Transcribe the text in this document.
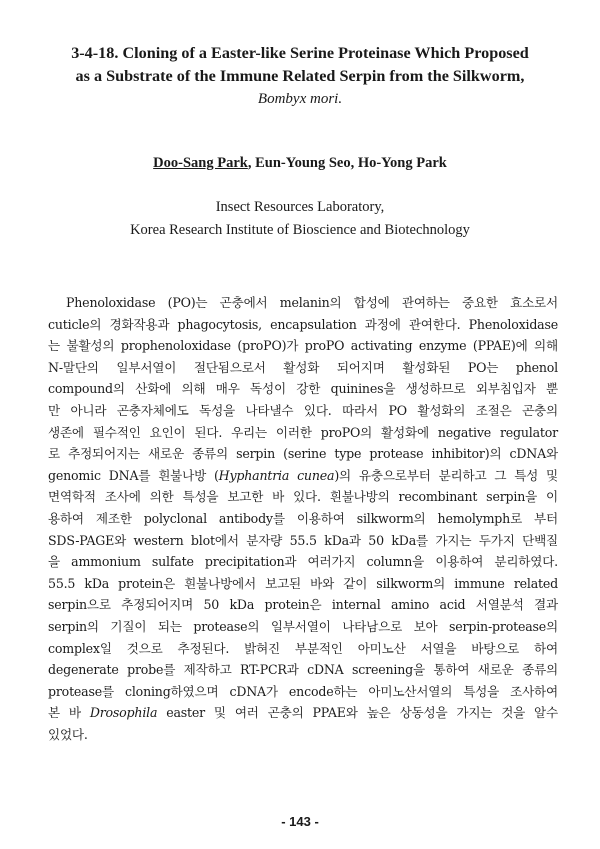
3-4-18. Cloning of a Easter-like Serine Proteinase Which Proposed
as a Substrate of the Immune Related Serpin from the Silkworm,
Bombyx mori.
Doo-Sang Park, Eun-Young Seo, Ho-Yong Park
Insect Resources Laboratory,
Korea Research Institute of Bioscience and Biotechnology
Phenoloxidase (PO)는 곤충에서 melanin의 합성에 관여하는 중요한 효소로서
cuticle의 경화작용과 phagocytosis, encapsulation 과정에 관여한다. Phenoloxidase
는 불활성의 prophenoloxidase (proPO)가 proPO activating enzyme (PPAE)에 의해
N-말단의 일부서열이 절단됨으로서 활성화 되어지며 활성화된 PO는 phenol
compound의 산화에 의해 매우 독성이 강한 quinines을 생성하므로 외부침입자 뿐
만 아니라 곤충자체에도 독성을 나타낼수 있다. 따라서 PO 활성화의 조절은 곤충의
생존에 필수적인 요인이 된다. 우리는 이러한 proPO의 활성화에 negative regulator
로 추정되어지는 새로운 종류의 serpin (serine type protease inhibitor)의 cDNA와
genomic DNA를 흰불나방 (Hyphantria cunea)의 유충으로부터 분리하고 그 특성 및
면역학적 조사에 의한 특성을 보고한 바 있다. 흰불나방의 recombinant serpin을 이
용하여 제조한 polyclonal antibody를 이용하여 silkworm의 hemolymph로 부터
SDS-PAGE와 western blot에서 분자량 55.5 kDa과 50 kDa를 가지는 두가지 단백질
을 ammonium sulfate precipitation과 여러가지 column을 이용하여 분리하였다.
55.5 kDa protein은 흰불나방에서 보고된 바와 같이 silkworm의 immune related
serpin으로 추정되어지며 50 kDa protein은 internal amino acid 서열분석 결과
serpin의 기질이 되는 protease의 일부서열이 나타남으로 보아 serpin-protease의
complex일 것으로 추정된다. 밝혀진 부분적인 아미노산 서열을 바탕으로 하여
degenerate probe를 제작하고 RT-PCR과 cDNA screening을 통하여 새로운 종류의
protease를 cloning하였으며 cDNA가 encode하는 아미노산서열의 특성을 조사하여
본 바 Drosophila easter 및 여러 곤충의 PPAE와 높은 상동성을 가지는 것을 알수
있었다.
- 143 -
